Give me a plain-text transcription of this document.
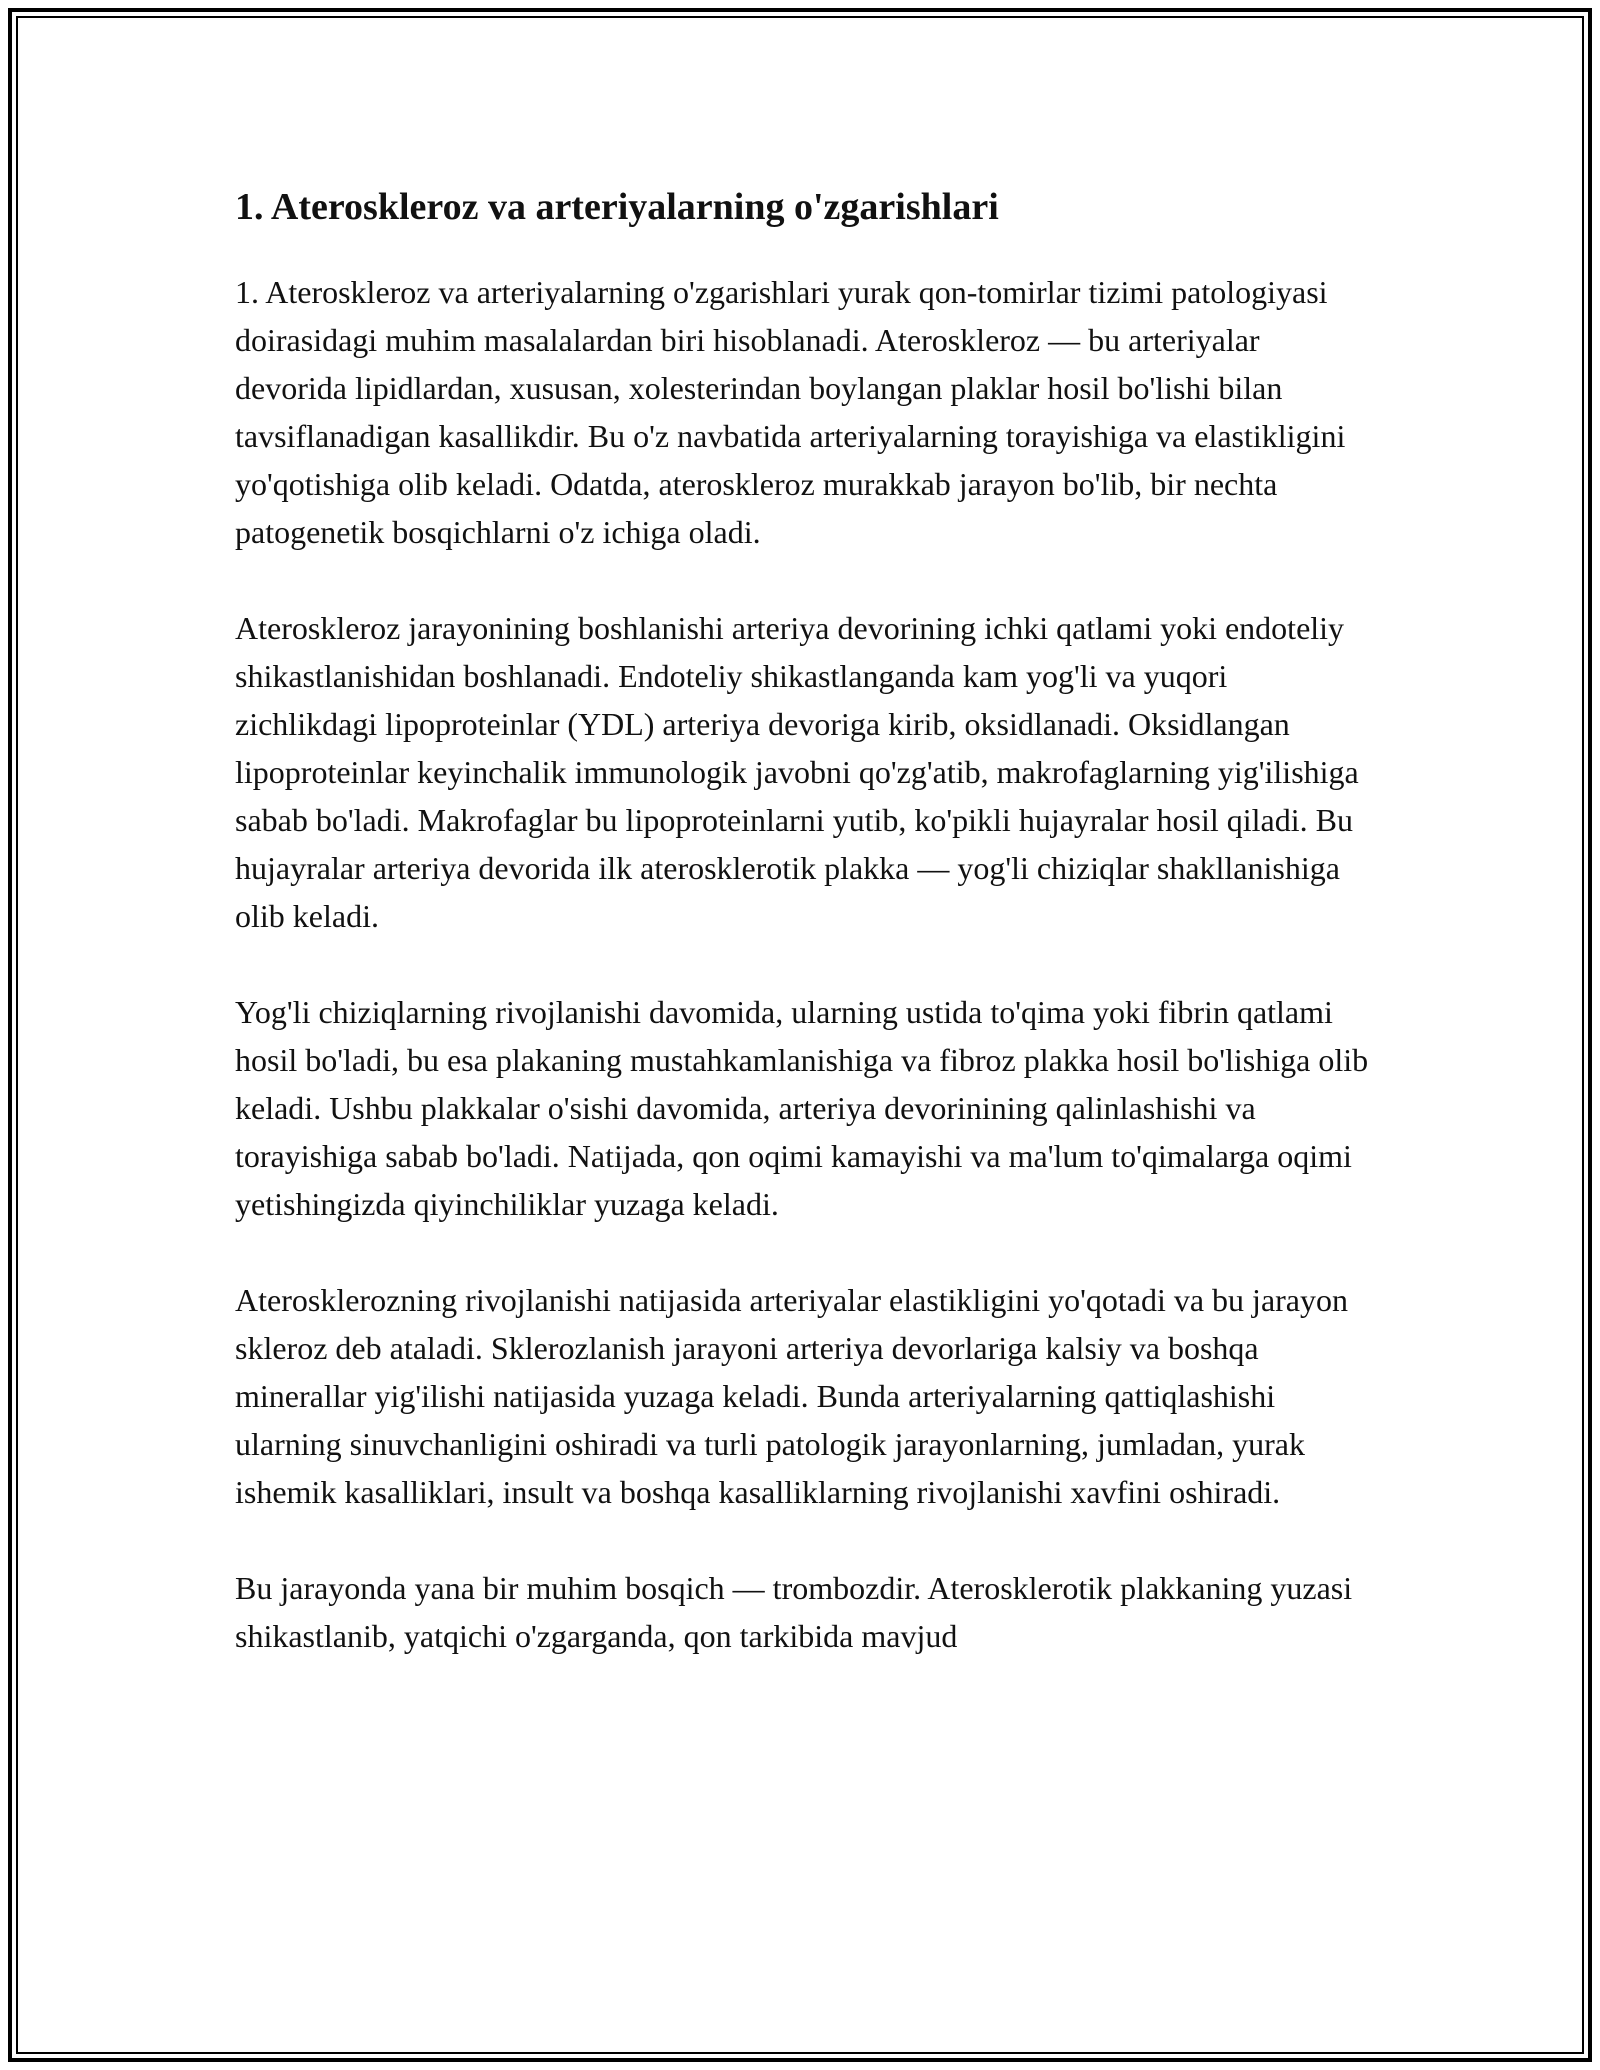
1. Ateroskleroz va arteriyalarning o'zgarishlari

1. Ateroskleroz va arteriyalarning o'zgarishlari yurak qon-tomirlar tizimi patologiyasi doirasidagi muhim masalalardan biri hisoblanadi. Ateroskleroz — bu arteriyalar devorida lipidlardan, xususan, xolesterindan boylangan plaklar hosil bo'lishi bilan tavsiflanadigan kasallikdir. Bu o'z navbatida arteriyalarning torayishiga va elastikligini yo'qotishiga olib keladi. Odatda, ateroskleroz murakkab jarayon bo'lib, bir nechta patogenetik bosqichlarni o'z ichiga oladi.

Ateroskleroz jarayonining boshlanishi arteriya devorining ichki qatlami yoki endoteliy shikastlanishidan boshlanadi. Endoteliy shikastlanganda kam yog'li va yuqori zichlikdagi lipoproteinlar (YDL) arteriya devoriga kirib, oksidlanadi. Oksidlangan lipoproteinlar keyinchalik immunologik javobni qo'zg'atib, makrofaglarning yig'ilishiga sabab bo'ladi. Makrofaglar bu lipoproteinlarni yutib, ko'pikli hujayralar hosil qiladi. Bu hujayralar arteriya devorida ilk aterosklerotik plakka — yog'li chiziqlar shakllanishiga olib keladi.

Yog'li chiziqlarning rivojlanishi davomida, ularning ustida to'qima yoki fibrin qatlami hosil bo'ladi, bu esa plakaning mustahkamlanishiga va fibroz plakka hosil bo'lishiga olib keladi. Ushbu plakkalar o'sishi davomida, arteriya devorinining qalinlashishi va torayishiga sabab bo'ladi. Natijada, qon oqimi kamayishi va ma'lum to'qimalarga oqimi yetishingizda qiyinchiliklar yuzaga keladi.

Aterosklerozning rivojlanishi natijasida arteriyalar elastikligini yo'qotadi va bu jarayon skleroz deb ataladi. Sklerozlanish jarayoni arteriya devorlariga kalsiy va boshqa minerallar yig'ilishi natijasida yuzaga keladi. Bunda arteriyalarning qattiqlashishi ularning sinuvchanligini oshiradi va turli patologik jarayonlarning, jumladan, yurak ishemik kasalliklari, insult va boshqa kasalliklarning rivojlanishi xavfini oshiradi.

Bu jarayonda yana bir muhim bosqich — trombozdir. Aterosklerotik plakkaning yuzasi shikastlanib, yatqichi o'zgarganda, qon tarkibida mavjud
